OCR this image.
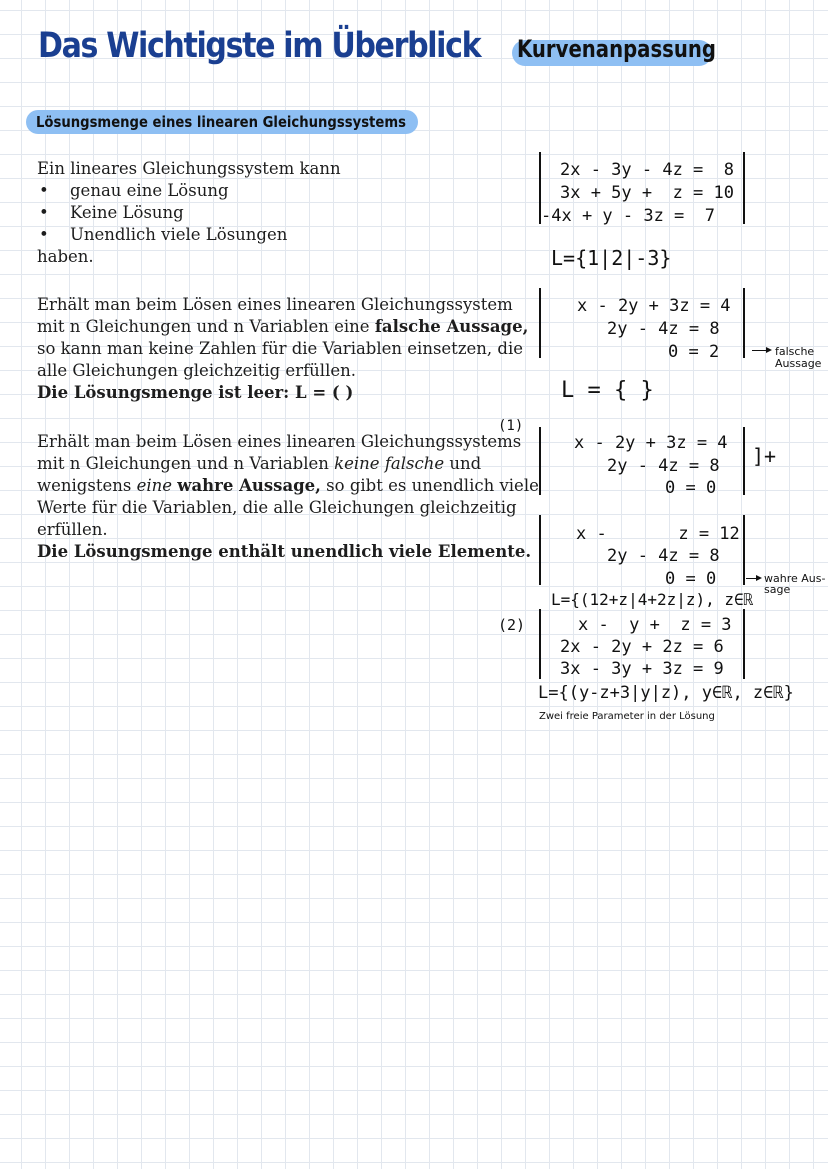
Das Wichtigste im Überblick Kurvenanpassung
Lösungsmenge eines linearen Gleichungssystems
Ein lineares Gleichungssystem kann
•	genau eine Lösung
•	Keine Lösung
•	Unendlich viele Lösungen
haben.
Erhält man beim Lösen eines linearen Gleichungssystem
mit n Gleichungen und n Variablen eine falsche Aussage,
so kann man keine Zahlen für die Variablen einsetzen, die
alle Gleichungen gleichzeitig erfüllen.
Die Lösungsmenge ist leer: L = ( )
Erhält man beim Lösen eines linearen Gleichungssystems
mit n Gleichungen und n Variablen keine falsche und
wenigstens eine wahre Aussage, so gibt es unendlich viele
Werte für die Variablen, die alle Gleichungen gleichzeitig
erfüllen.
Die Lösungsmenge enthält unendlich viele Elemente.
2x - 3y - 4z =  8
3x + 5y +  z = 10
-4x + y - 3z =  7
L={1|2|-3}
x - 2y + 3z = 4
2y - 4z = 8
0 = 2	falsche
Aussage
L = { }
(1)
x - 2y + 3z = 4
2y - 4z = 8
0 = 0
]+
x -       z = 12
2y - 4z = 8
0 = 0	wahre Aus-
sage
L={(12+z|4+2z|z), z∈ℝ
(2)	x -  y +  z = 3
2x - 2y + 2z = 6
3x - 3y + 3z = 9
L={(y-z+3|y|z), y∈ℝ, z∈ℝ}
Zwei freie Parameter in der Lösung
